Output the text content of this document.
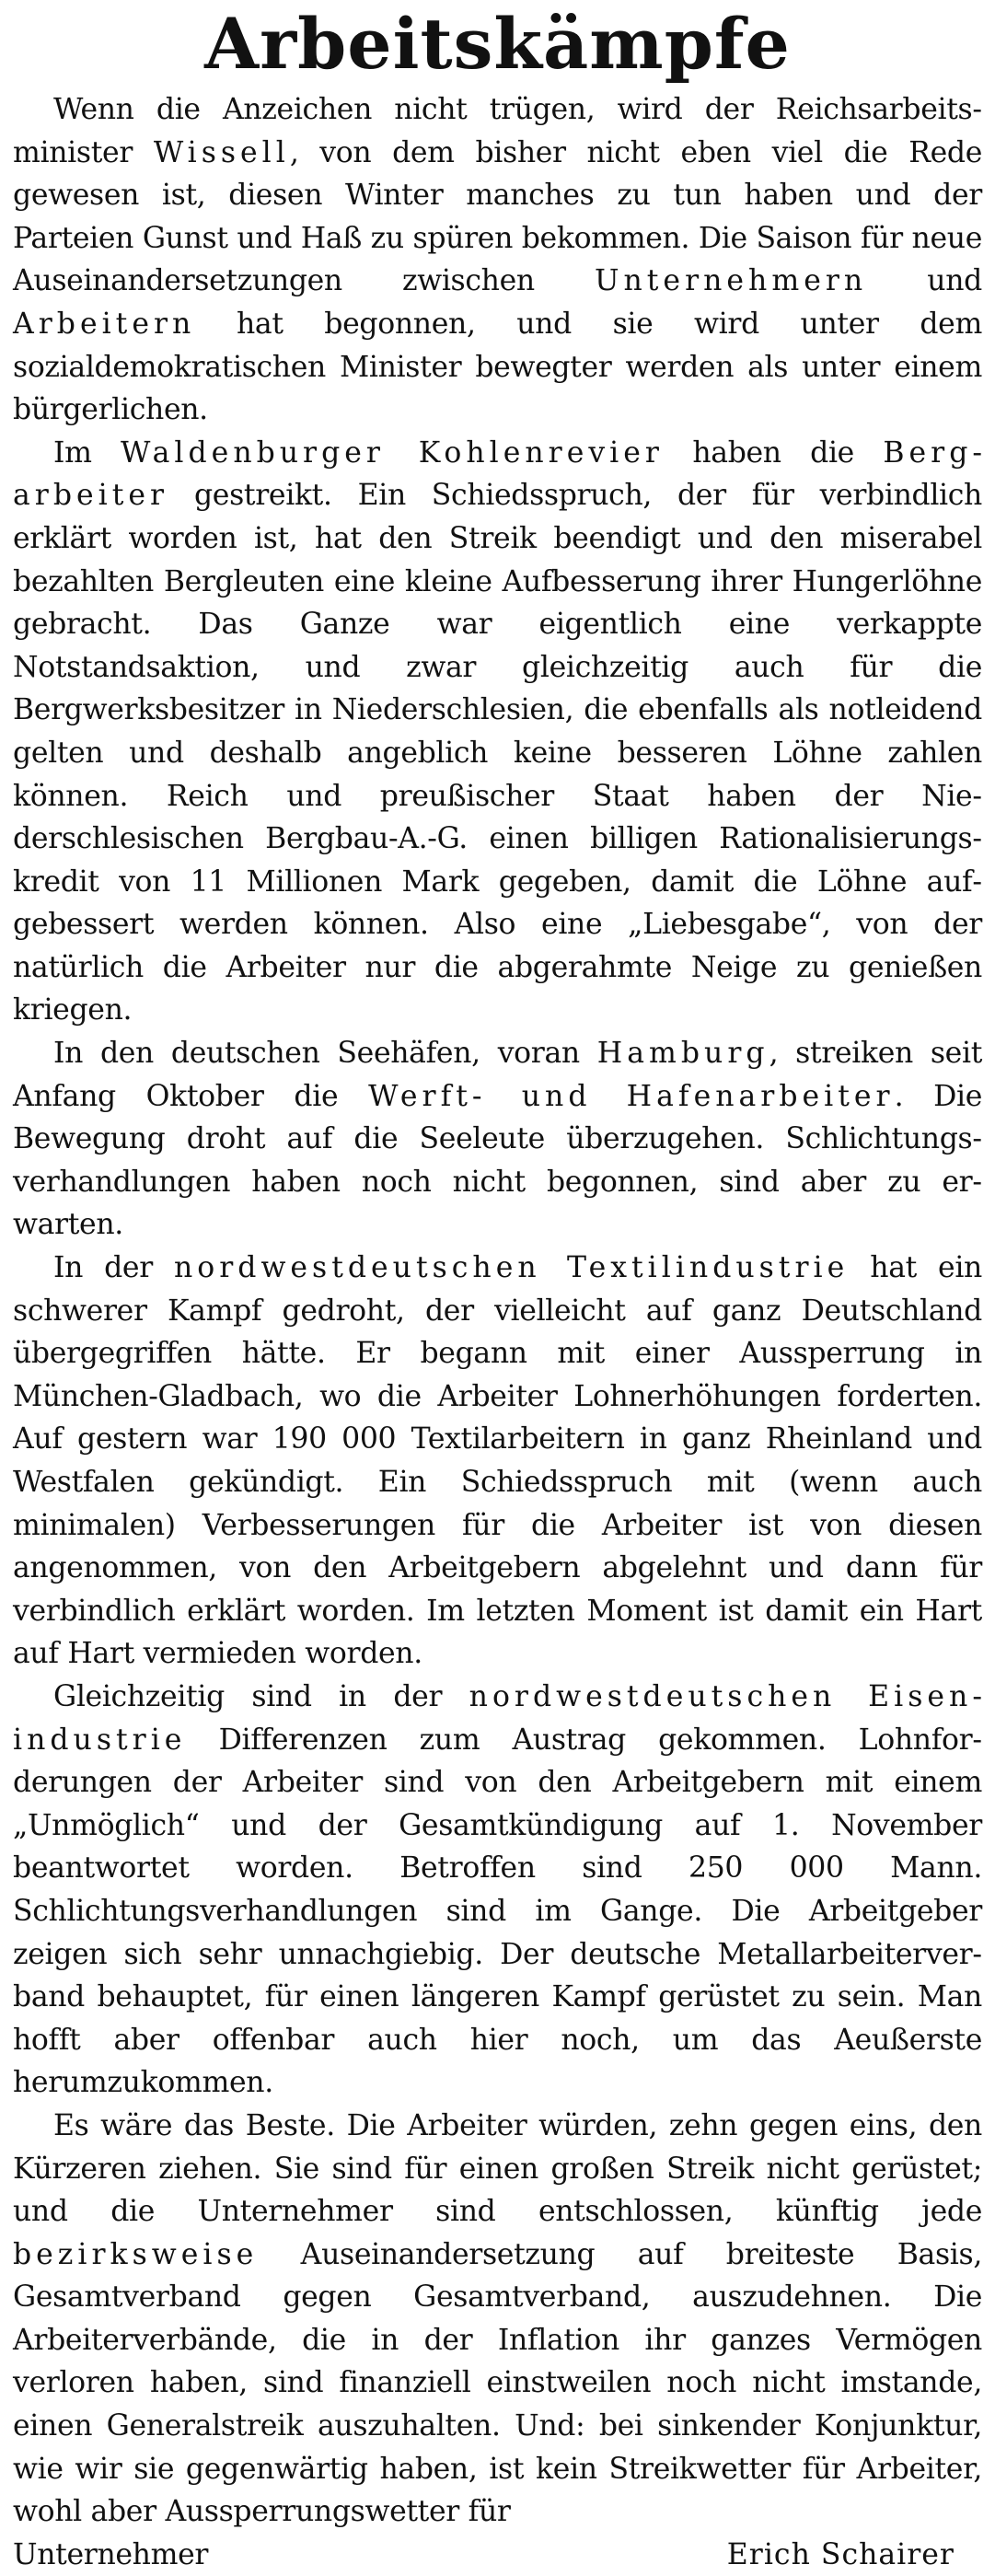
Arbeitskämpfe

Wenn die Anzeichen nicht trügen, wird der Reichsarbeitsminister Wissell, von dem bisher nicht eben viel die Rede gewesen ist, diesen Winter manches zu tun haben und der Parteien Gunst und Haß zu spüren bekommen. Die Saison für neue Auseinandersetzungen zwischen Unternehmern und Arbeitern hat begonnen, und sie wird unter dem sozialdemokratischen Minister bewegter werden als unter einem bürgerlichen.

Im Waldenburger Kohlenrevier haben die Bergarbeiter gestreikt. Ein Schiedsspruch, der für verbindlich erklärt worden ist, hat den Streik beendigt und den miserabel bezahlten Bergleuten eine kleine Aufbesserung ihrer Hungerlöhne gebracht. Das Ganze war eigentlich eine verkappte Notstandsaktion, und zwar gleichzeitig auch für die Bergwerksbesitzer in Niederschlesien, die ebenfalls als notleidend gelten und deshalb angeblich keine besseren Löhne zahlen können. Reich und preußischer Staat haben der Niederschlesischen Bergbau-A.-G. einen billigen Rationalisierungskredit von 11 Millionen Mark gegeben, damit die Löhne aufgebessert werden können. Also eine „Liebesgabe“, von der natürlich die Arbeiter nur die abgerahmte Neige zu genießen kriegen.

In den deutschen Seehäfen, voran Hamburg, streiken seit Anfang Oktober die Werft- und Hafenarbeiter. Die Bewegung droht auf die Seeleute überzugehen. Schlichtungsverhandlungen haben noch nicht begonnen, sind aber zu erwarten.

In der nordwestdeutschen Textilindustrie hat ein schwerer Kampf gedroht, der vielleicht auf ganz Deutschland übergegriffen hätte. Er begann mit einer Aussperrung in München-Gladbach, wo die Arbeiter Lohnerhöhungen forderten. Auf gestern war 190 000 Textilarbeitern in ganz Rheinland und Westfalen gekündigt. Ein Schiedsspruch mit (wenn auch minimalen) Verbesserungen für die Arbeiter ist von diesen angenommen, von den Arbeitgebern abgelehnt und dann für verbindlich erklärt worden. Im letzten Moment ist damit ein Hart auf Hart vermieden worden.

Gleichzeitig sind in der nordwestdeutschen Eisenindustrie Differenzen zum Austrag gekommen. Lohnforderungen der Arbeiter sind von den Arbeitgebern mit einem „Unmöglich“ und der Gesamtkündigung auf 1. November beantwortet worden. Betroffen sind 250 000 Mann. Schlichtungsverhandlungen sind im Gange. Die Arbeitgeber zeigen sich sehr unnachgiebig. Der deutsche Metallarbeiterverband behauptet, für einen längeren Kampf gerüstet zu sein. Man hofft aber offenbar auch hier noch, um das Aeußerste herumzukommen.

Es wäre das Beste. Die Arbeiter würden, zehn gegen eins, den Kürzeren ziehen. Sie sind für einen großen Streik nicht gerüstet; und die Unternehmer sind entschlossen, künftig jede bezirksweise Auseinandersetzung auf breiteste Basis, Gesamtverband gegen Gesamtverband, auszudehnen. Die Arbeiterverbände, die in der Inflation ihr ganzes Vermögen verloren haben, sind finanziell einstweilen noch nicht imstande, einen Generalstreik auszuhalten. Und: bei sinkender Konjunktur, wie wir sie gegenwärtig haben, ist kein Streikwetter für Arbeiter, wohl aber Aussperrungswetter für

Unternehmer	Erich Schairer
